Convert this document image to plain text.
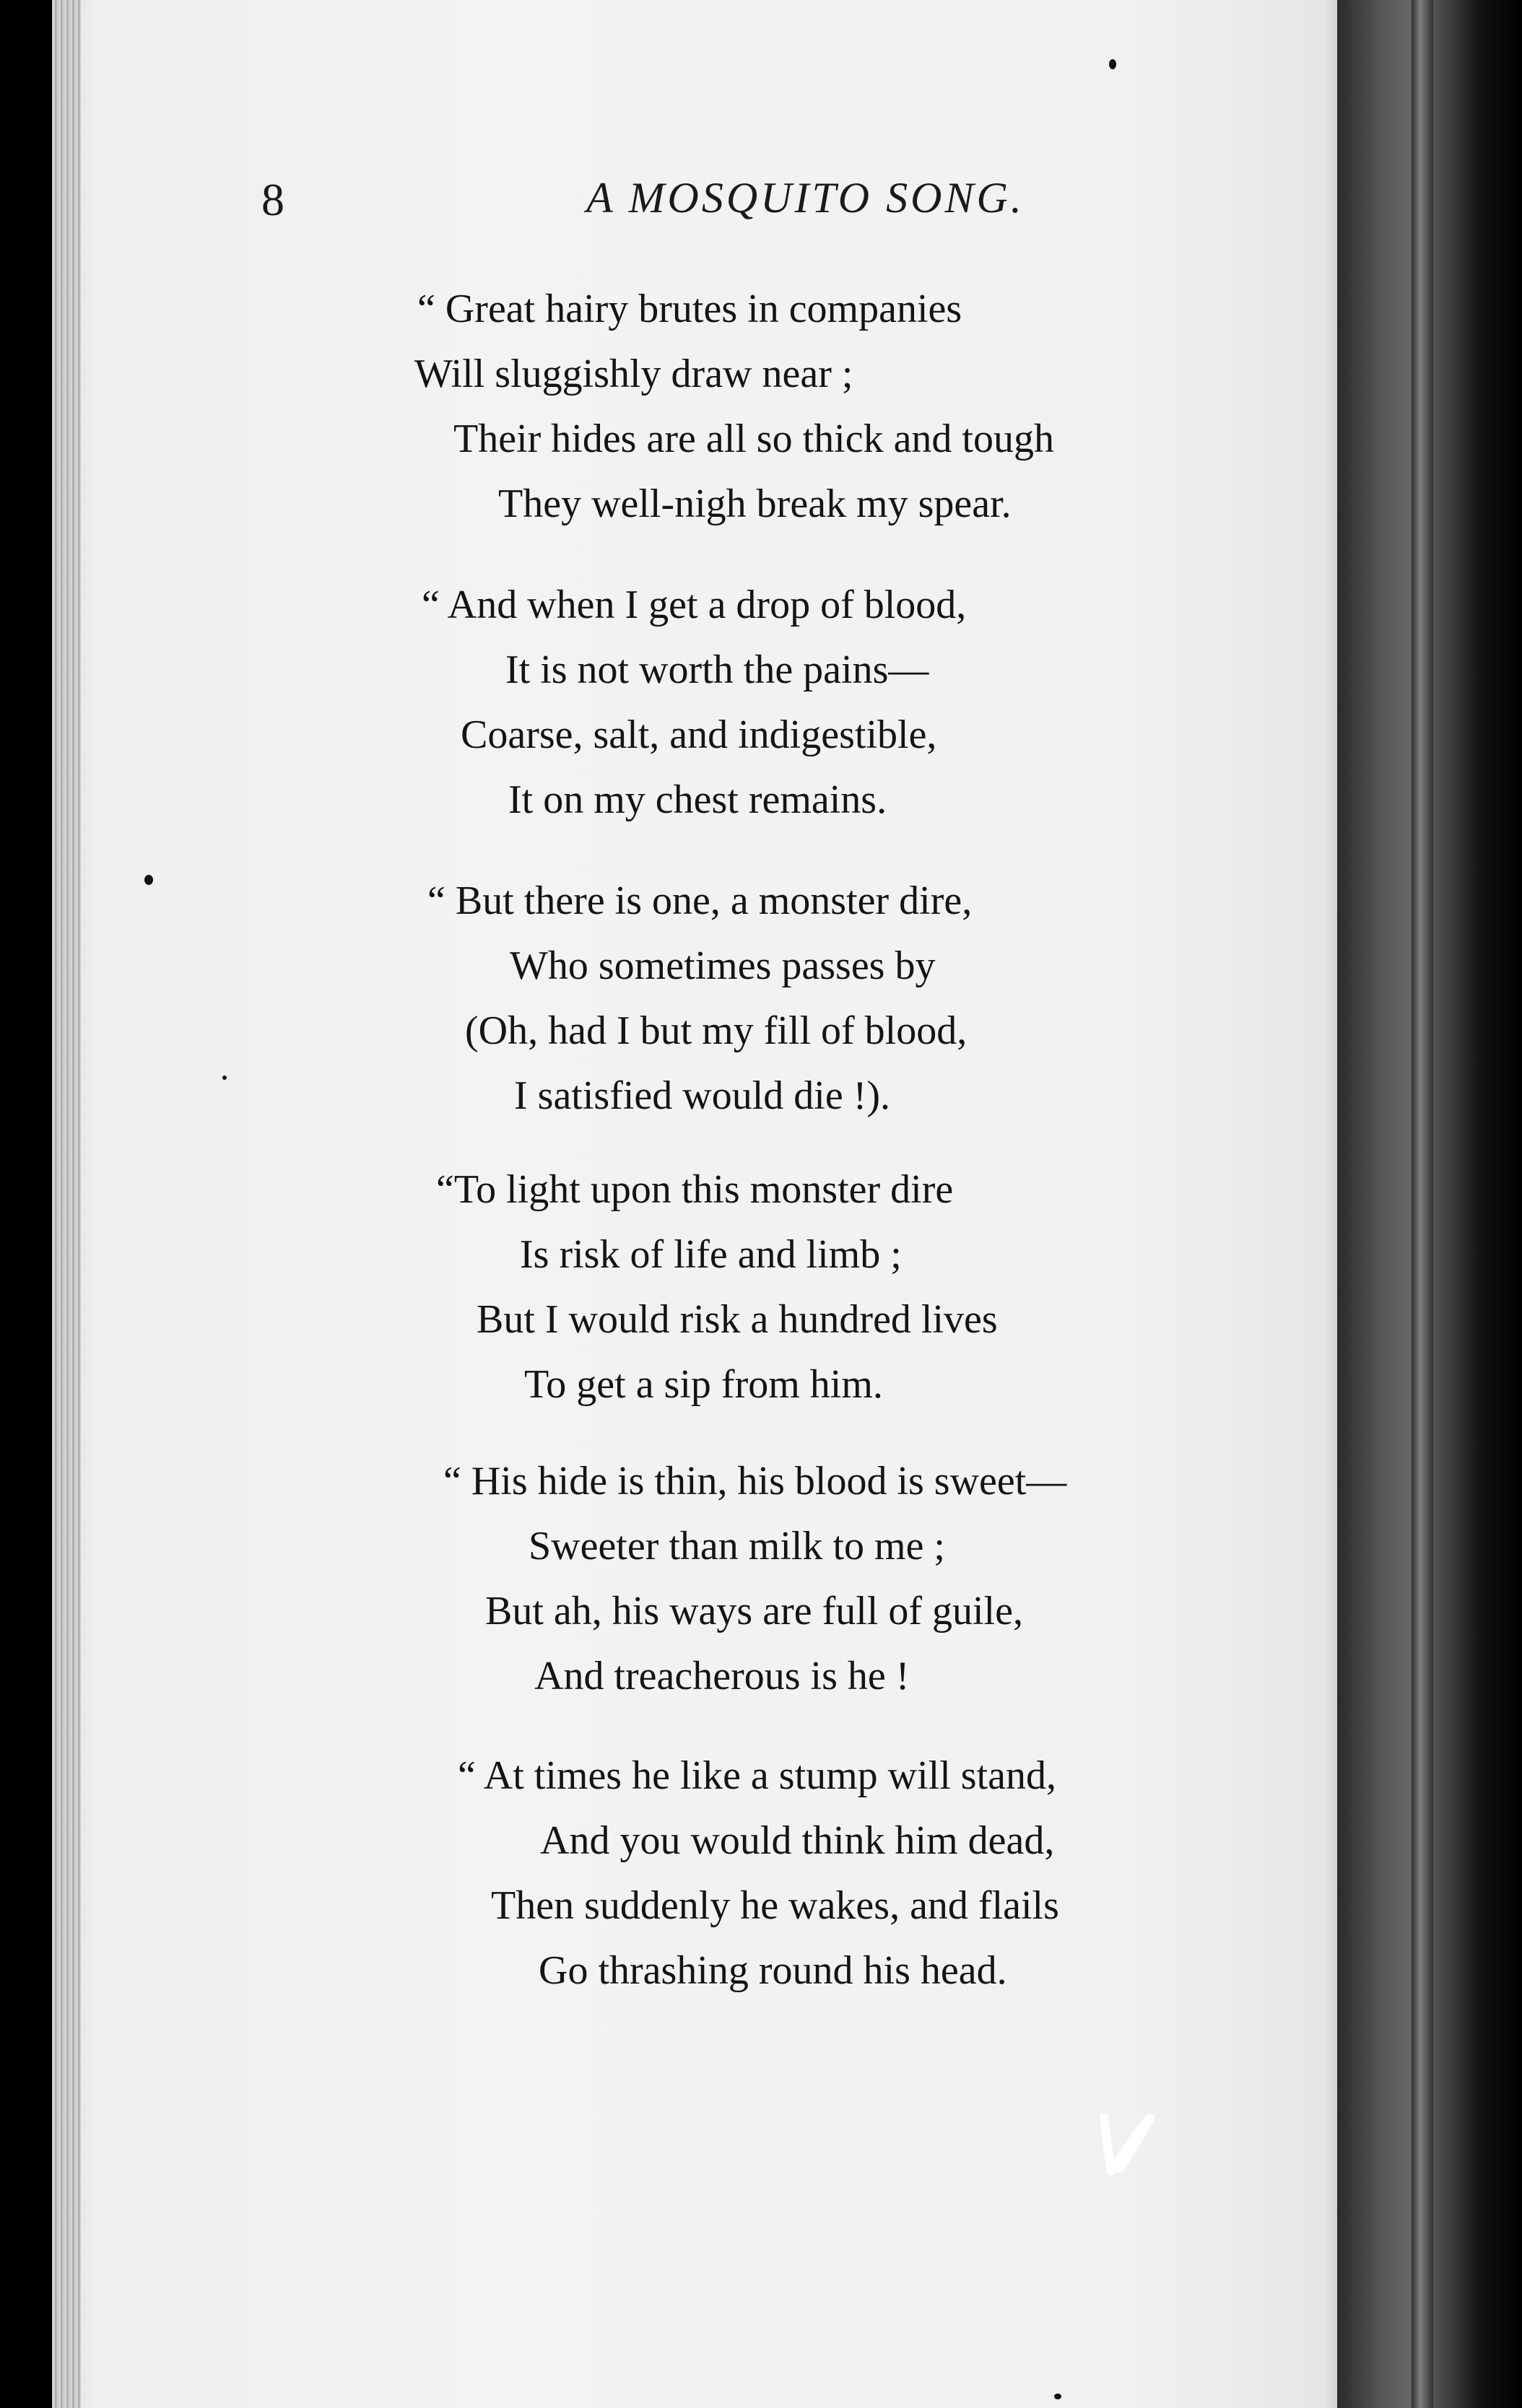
8	A MOSQUITO SONG.
“ Great hairy brutes in companies
Will sluggishly draw near ;
Their hides are all so thick and tough
They well-nigh break my spear.
“ And when I get a drop of blood,
It is not worth the pains—
Coarse, salt, and indigestible,
It on my chest remains.
“ But there is one, a monster dire,
Who sometimes passes by
(Oh, had I but my fill of blood,
I satisfied would die !).
“To light upon this monster dire
Is risk of life and limb ;
But I would risk a hundred lives
To get a sip from him.
“ His hide is thin, his blood is sweet—
Sweeter than milk to me ;
But ah, his ways are full of guile,
And treacherous is he !
“ At times he like a stump will stand,
And you would think him dead,
Then suddenly he wakes, and flails
Go thrashing round his head.
